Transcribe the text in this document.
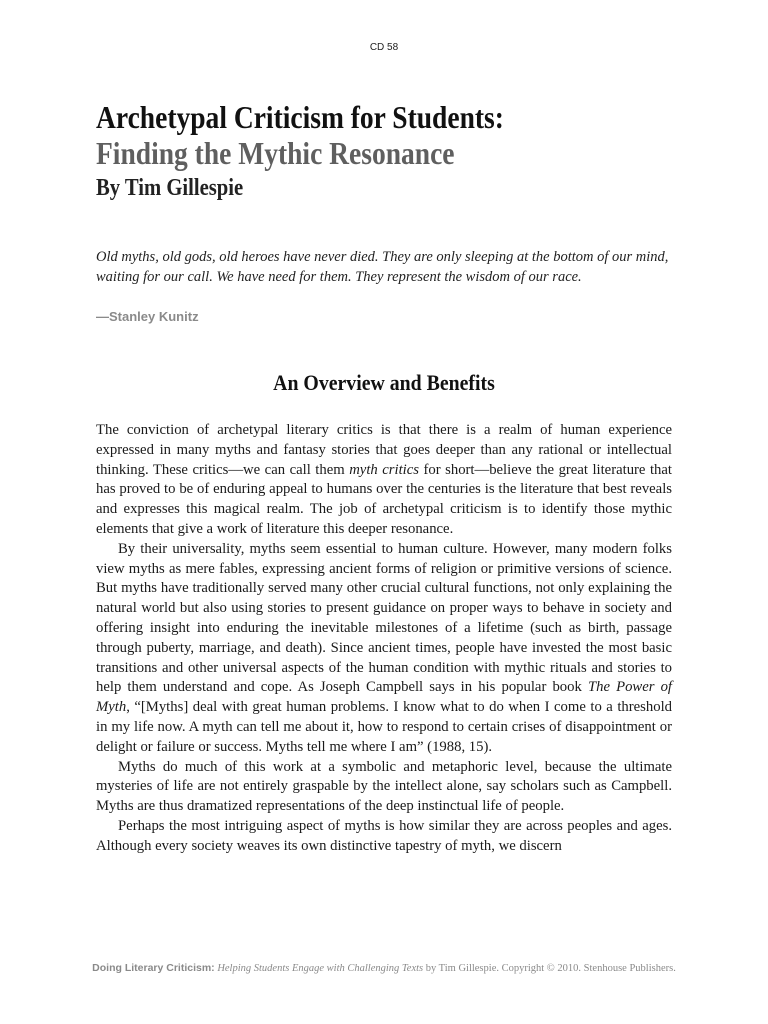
CD 58
Archetypal Criticism for Students:
Finding the Mythic Resonance
By Tim Gillespie

Old myths, old gods, old heroes have never died. They are only sleeping at the bottom of our mind, waiting for our call. We have need for them. They represent the wisdom of our race.

—Stanley Kunitz

An Overview and Benefits

The conviction of archetypal literary critics is that there is a realm of human experience expressed in many myths and fantasy stories that goes deeper than any rational or intellectual thinking. These critics—we can call them myth critics for short—believe the great literature that has proved to be of enduring appeal to humans over the centuries is the literature that best reveals and expresses this magical realm. The job of archetypal criticism is to identify those mythic elements that give a work of literature this deeper resonance.

By their universality, myths seem essential to human culture. However, many modern folks view myths as mere fables, expressing ancient forms of religion or primitive versions of science. But myths have traditionally served many other crucial cultural functions, not only explaining the natural world but also using stories to present guidance on proper ways to behave in society and offering insight into enduring the inevitable milestones of a lifetime (such as birth, passage through puberty, marriage, and death). Since ancient times, people have invested the most basic transitions and other universal aspects of the human condition with mythic rituals and stories to help them understand and cope. As Joseph Campbell says in his popular book The Power of Myth, “[Myths] deal with great human problems. I know what to do when I come to a threshold in my life now. A myth can tell me about it, how to respond to certain crises of disappointment or delight or failure or success. Myths tell me where I am” (1988, 15).

Myths do much of this work at a symbolic and metaphoric level, because the ultimate mysteries of life are not entirely graspable by the intellect alone, say scholars such as Campbell. Myths are thus dramatized representations of the deep instinctual life of people.

Perhaps the most intriguing aspect of myths is how similar they are across peoples and ages. Although every society weaves its own distinctive tapestry of myth, we discern

Doing Literary Criticism: Helping Students Engage with Challenging Texts by Tim Gillespie. Copyright © 2010. Stenhouse Publishers.
